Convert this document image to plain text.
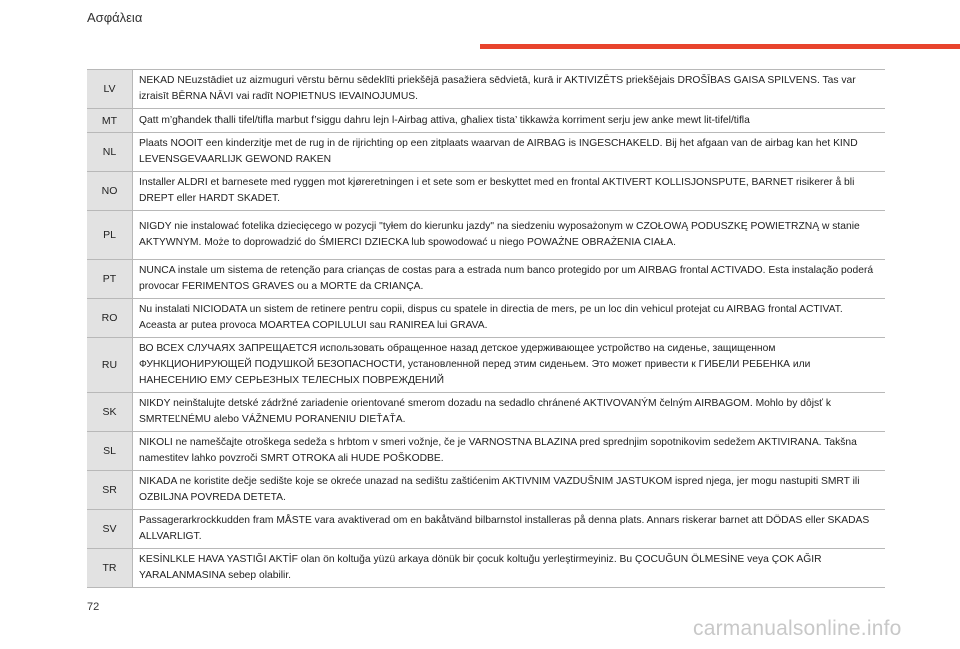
Ασφάλεια
LV	NEKAD NEuzstādiet uz aizmuguri vērstu bērnu sēdeklīti priekšējā pasažiera sēdvietā, kurā ir AKTIVIZĒTS priekšējais DROŠĪBAS GAISA SPILVENS. Tas var izraisīt BĒRNA NĀVI vai radīt NOPIETNUS IEVAINOJUMUS.
MT	Qatt m’għandek tħalli tifel/tifla marbut f’siggu dahru lejn l-Airbag attiva, għaliex tista’ tikkawża korriment serju jew anke mewt lit-tifel/tifla
NL	Plaats NOOIT een kinderzitje met de rug in de rijrichting op een zitplaats waarvan de AIRBAG is INGESCHAKELD. Bij het afgaan van de airbag kan het KIND LEVENSGEVAARLIJK GEWOND RAKEN
NO	Installer ALDRI et barnesete med ryggen mot kjøreretningen i et sete som er beskyttet med en frontal AKTIVERT KOLLISJONSPUTE, BARNET risikerer å bli DREPT eller HARDT SKADET.
PL	NIGDY nie instalować fotelika dziecięcego w pozycji "tyłem do kierunku jazdy" na siedzeniu wyposażonym w CZOŁOWĄ PODUSZKĘ POWIETRZNĄ w stanie AKTYWNYM. Może to doprowadzić do ŚMIERCI DZIECKA lub spowodować u niego POWAŻNE OBRAŻENIA CIAŁA.
PT	NUNCA instale um sistema de retenção para crianças de costas para a estrada num banco protegido por um AIRBAG frontal ACTIVADO. Esta instalação poderá provocar FERIMENTOS GRAVES ou a MORTE da CRIANÇA.
RO	Nu instalati NICIODATA un sistem de retinere pentru copii, dispus cu spatele in directia de mers, pe un loc din vehicul protejat cu AIRBAG frontal ACTIVAT. Aceasta ar putea provoca MOARTEA COPILULUI sau RANIREA lui GRAVA.
RU	ВО ВСЕХ СЛУЧАЯХ ЗАПРЕЩАЕТСЯ использовать обращенное назад детское удерживающее устройство на сиденье, защищенном ФУНКЦИОНИРУЮЩЕЙ ПОДУШКОЙ БЕЗОПАСНОСТИ, установленной перед этим сиденьем. Это может привести к ГИБЕЛИ РЕБЕНКА или НАНЕСЕНИЮ ЕМУ СЕРЬЕЗНЫХ ТЕЛЕСНЫХ ПОВРЕЖДЕНИЙ
SK	NIKDY neinštalujte detské zádržné zariadenie orientované smerom dozadu na sedadlo chránené AKTIVOVANÝM čelným AIRBAGOM. Mohlo by dôjsť k SMRTEĽNÉMU alebo VÁŽNEMU PORANENIU DIEŤAŤA.
SL	NIKOLI ne nameščajte otroškega sedeža s hrbtom v smeri vožnje, če je VARNOSTNA BLAZINA pred sprednjim sopotnikovim sedežem AKTIVIRANA. Takšna namestitev lahko povzroči SMRT OTROKA ali HUDE POŠKODBE.
SR	NIKADA ne koristite dečje sedište koje se okreće unazad na sedištu zaštićenim AKTIVNIM VAZDUŠNIM JASTUKOM ispred njega, jer mogu nastupiti SMRT ili OZBILJNA POVREDA DETETA.
SV	Passagerarkrockkudden fram MÅSTE vara avaktiverad om en bakåtvänd bilbarnstol installeras på denna plats. Annars riskerar barnet att DÖDAS eller SKADAS ALLVARLIGT.
TR	KESİNLKLE HAVA YASTIĞI AKTİF olan ön koltuğa yüzü arkaya dönük bir çocuk koltuğu yerleştirmeyiniz. Bu ÇOCUĞUN ÖLMESİNE veya ÇOK AĞIR YARALANMASINA sebep olabilir.
72
carmanualsonline.info
